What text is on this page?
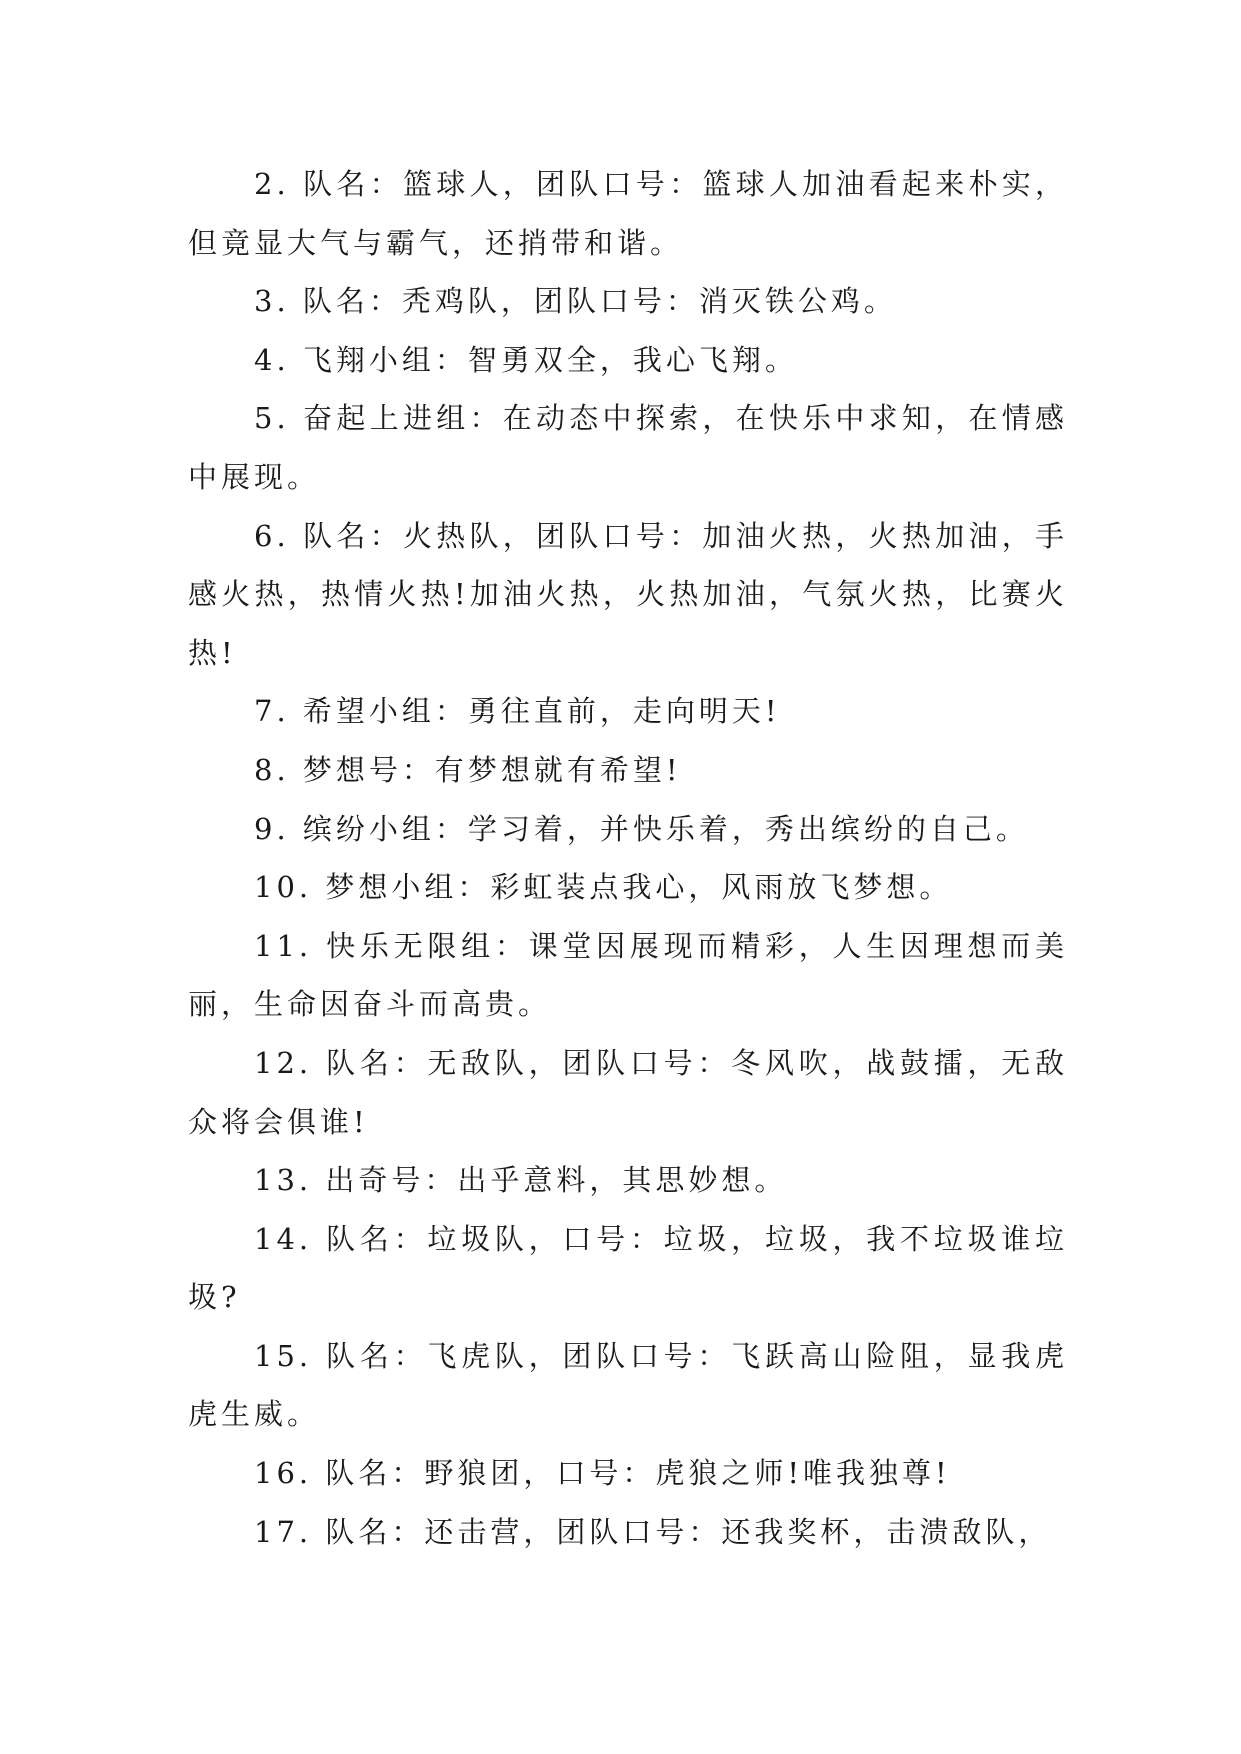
2. 队名：篮球人，团队口号：篮球人加油看起来朴实，但竟显大气与霸气，还捎带和谐。

3. 队名：秃鸡队，团队口号：消灭铁公鸡。

4. 飞翔小组：智勇双全，我心飞翔。

5. 奋起上进组：在动态中探索，在快乐中求知，在情感中展现。

6. 队名：火热队，团队口号：加油火热，火热加油，手感火热，热情火热!加油火热，火热加油，气氛火热，比赛火热!

7. 希望小组：勇往直前，走向明天!

8. 梦想号：有梦想就有希望!

9. 缤纷小组：学习着，并快乐着，秀出缤纷的自己。

10. 梦想小组：彩虹装点我心，风雨放飞梦想。

11. 快乐无限组：课堂因展现而精彩，人生因理想而美丽，生命因奋斗而高贵。

12. 队名：无敌队，团队口号：冬风吹，战鼓擂，无敌众将会俱谁!

13. 出奇号：出乎意料，其思妙想。

14. 队名：垃圾队，口号：垃圾，垃圾，我不垃圾谁垃圾?

15. 队名：飞虎队，团队口号：飞跃高山险阻，显我虎虎生威。

16. 队名：野狼团，口号：虎狼之师!唯我独尊!

17. 队名：还击营，团队口号：还我奖杯，击溃敌队，
